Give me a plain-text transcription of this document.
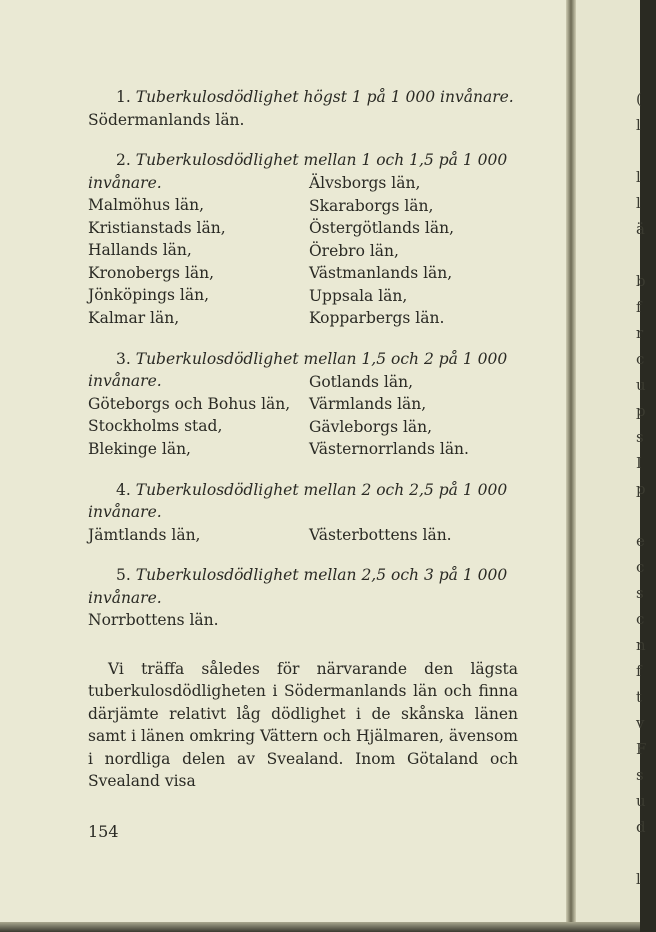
1. Tuberkulosdödlighet högst 1 på 1 000 invånare.

Södermanlands län.

2. Tuberkulosdödlighet mellan 1 och 1,5 på 1 000 invånare.

Malmöhus län,

Kristianstads län,

Hallands län,

Kronobergs län,

Jönköpings län,

Kalmar län,

Älvsborgs län,

Skaraborgs län,

Östergötlands län,

Örebro län,

Västmanlands län,

Uppsala län,

Kopparbergs län.

3. Tuberkulosdödlighet mellan 1,5 och 2 på 1 000 invånare.

Göteborgs och Bohus län,

Stockholms stad,

Blekinge län,

Gotlands län,

Värmlands län,

Gävleborgs län,

Västernorrlands län.

4. Tuberkulosdödlighet mellan 2 och 2,5 på 1 000 invånare.

Jämtlands län,	Västerbottens län.

5. Tuberkulosdödlighet mellan 2,5 och 3 på 1 000 invånare.

Norrbottens län.

Vi träffa således för närvarande den lägsta tuberkulosdödligheten i Södermanlands län och finna därjämte relativt låg dödlighet i de skånska länen samt i länen omkring Vättern och Hjälmaren, ävensom i nordliga delen av Svealand. Inom Götaland och Svealand visa

154
(
l

l
l
ä

b
f
r
c
u
p
s
I
p

e
c
s
c
n
f
t
v
F
s
u
d

l
